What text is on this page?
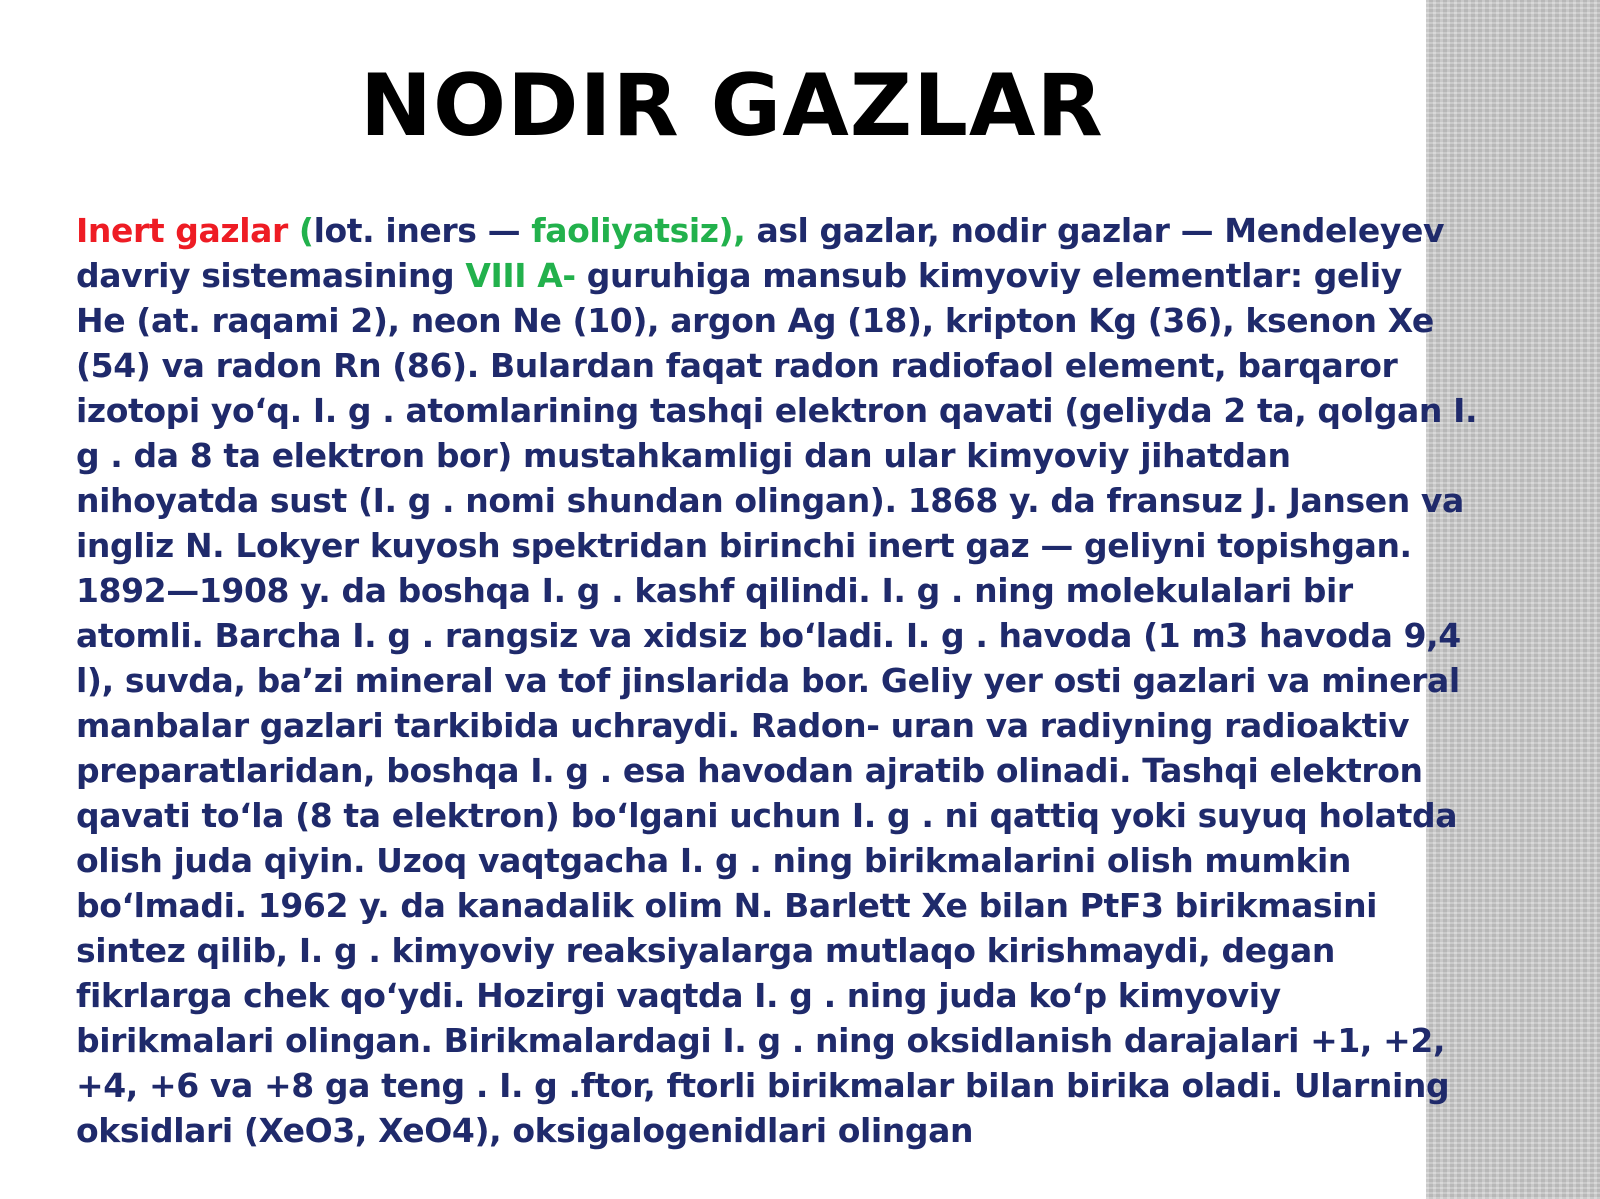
NODIR GAZLAR
Inert gazlar (lot. iners — faoliyatsiz), asl gazlar, nodir gazlar — Mendeleyev
davriy sistemasining VIII A- guruhiga mansub kimyoviy elementlar: geliy
He (at. raqami 2), neon Ne (10), argon Ag (18), kripton Kg (36), ksenon Xe
(54) va radon Rn (86). Bulardan faqat radon radiofaol element, barqaror
izotopi yo‘q. I. g . atomlarining tashqi elektron qavati (geliyda 2 ta, qolgan I.
g . da 8 ta elektron bor) mustahkamligi dan ular kimyoviy jihatdan
nihoyatda sust (I. g . nomi shundan olingan). 1868 y. da fransuz J. Jansen va
ingliz N. Lokyer kuyosh spektridan birinchi inert gaz — geliyni topishgan.
1892—1908 y. da boshqa I. g . kashf qilindi. I. g . ning molekulalari bir
atomli. Barcha I. g . rangsiz va xidsiz bo‘ladi. I. g . havoda (1 m3 havoda 9,4
l), suvda, ba’zi mineral va tof jinslarida bor. Geliy yer osti gazlari va mineral
manbalar gazlari tarkibida uchraydi. Radon- uran va radiyning radioaktiv
preparatlaridan, boshqa I. g . esa havodan ajratib olinadi. Tashqi elektron
qavati to‘la (8 ta elektron) bo‘lgani uchun I. g . ni qattiq yoki suyuq holatda
olish juda qiyin. Uzoq vaqtgacha I. g . ning birikmalarini olish mumkin
bo‘lmadi. 1962 y. da kanadalik olim N. Barlett Xe bilan PtF3 birikmasini
sintez qilib, I. g . kimyoviy reaksiyalarga mutlaqo kirishmaydi, degan
fikrlarga chek qo‘ydi. Hozirgi vaqtda I. g . ning juda ko‘p kimyoviy
birikmalari olingan. Birikmalardagi I. g . ning oksidlanish darajalari +1, +2,
+4, +6 va +8 ga teng . I. g .ftor, ftorli birikmalar bilan birika oladi. Ularning
oksidlari (XeO3, XeO4), oksigalogenidlari olingan
